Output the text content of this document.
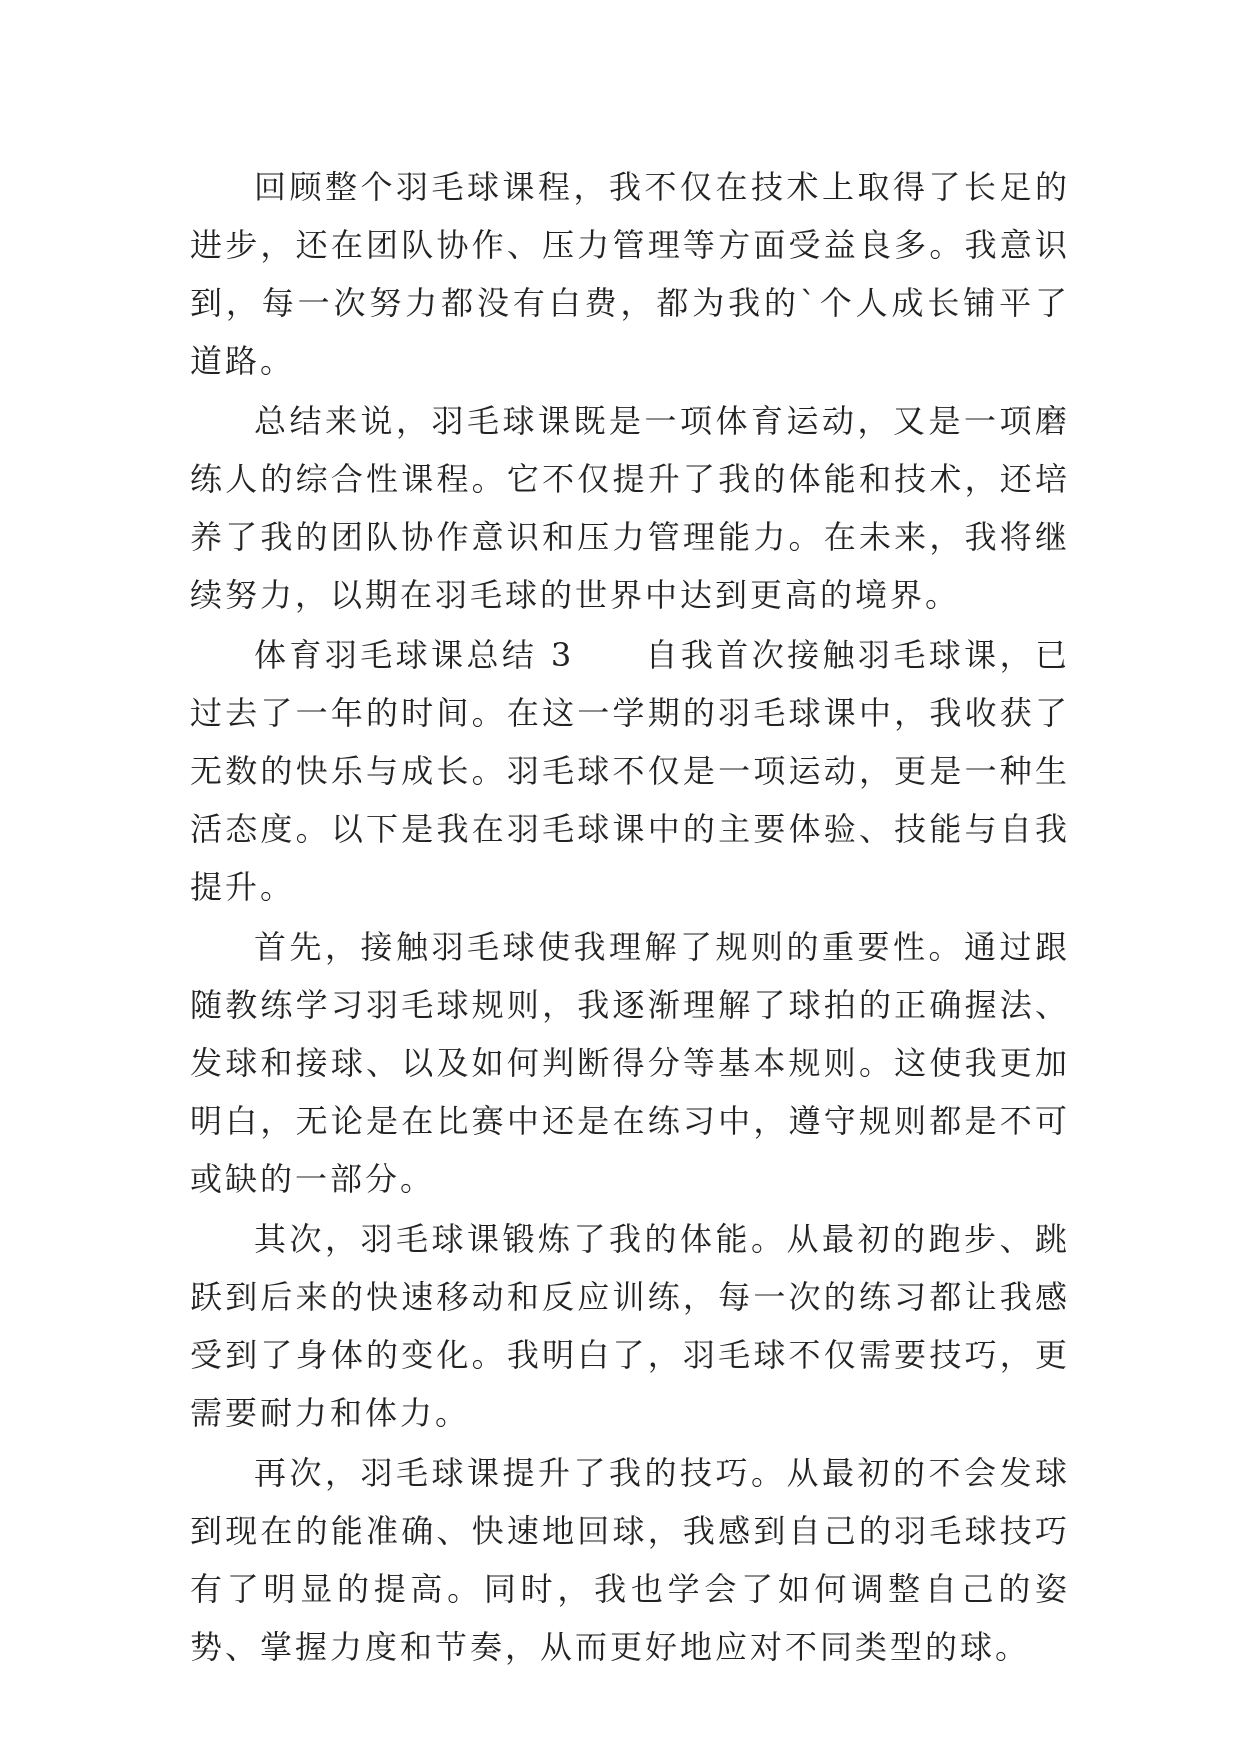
回顾整个羽毛球课程，我不仅在技术上取得了长足的进步，还在团队协作、压力管理等方面受益良多。我意识到，每一次努力都没有白费，都为我的`个人成长铺平了道路。

总结来说，羽毛球课既是一项体育运动，又是一项磨练人的综合性课程。它不仅提升了我的体能和技术，还培养了我的团队协作意识和压力管理能力。在未来，我将继续努力，以期在羽毛球的世界中达到更高的境界。

体育羽毛球课总结 3　　自我首次接触羽毛球课，已过去了一年的时间。在这一学期的羽毛球课中，我收获了无数的快乐与成长。羽毛球不仅是一项运动，更是一种生活态度。以下是我在羽毛球课中的主要体验、技能与自我提升。

首先，接触羽毛球使我理解了规则的重要性。通过跟随教练学习羽毛球规则，我逐渐理解了球拍的正确握法、发球和接球、以及如何判断得分等基本规则。这使我更加明白，无论是在比赛中还是在练习中，遵守规则都是不可或缺的一部分。

其次，羽毛球课锻炼了我的体能。从最初的跑步、跳跃到后来的快速移动和反应训练，每一次的练习都让我感受到了身体的变化。我明白了，羽毛球不仅需要技巧，更需要耐力和体力。

再次，羽毛球课提升了我的技巧。从最初的不会发球到现在的能准确、快速地回球，我感到自己的羽毛球技巧有了明显的提高。同时，我也学会了如何调整自己的姿势、掌握力度和节奏，从而更好地应对不同类型的球。
